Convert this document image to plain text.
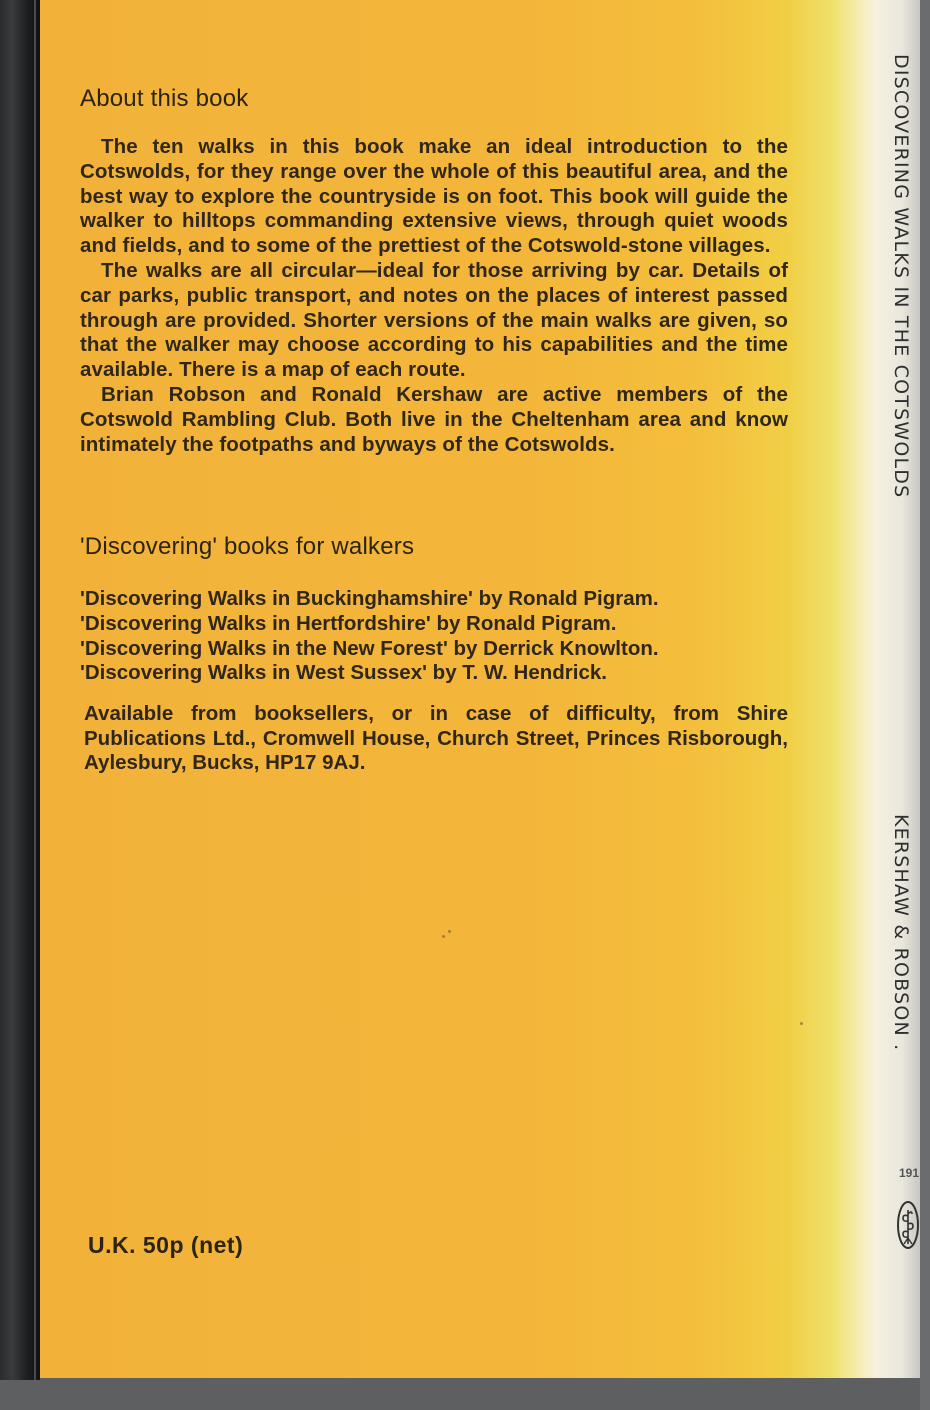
About this book

The ten walks in this book make an ideal introduction to the Cotswolds, for they range over the whole of this beautiful area, and the best way to explore the countryside is on foot. This book will guide the walker to hilltops commanding extensive views, through quiet woods and fields, and to some of the prettiest of the Cotswold-stone villages.

The walks are all circular—ideal for those arriving by car. Details of car parks, public transport, and notes on the places of interest passed through are provided. Shorter versions of the main walks are given, so that the walker may choose according to his capabilities and the time available. There is a map of each route.

Brian Robson and Ronald Kershaw are active members of the Cotswold Rambling Club. Both live in the Cheltenham area and know intimately the footpaths and byways of the Cotswolds.

'Discovering' books for walkers
'Discovering Walks in Buckinghamshire' by Ronald Pigram.
'Discovering Walks in Hertfordshire' by Ronald Pigram.
'Discovering Walks in the New Forest' by Derrick Knowlton.
'Discovering Walks in West Sussex' by T. W. Hendrick.
Available from booksellers, or in case of difficulty, from Shire Publications Ltd., Cromwell House, Church Street, Princes Risborough, Aylesbury, Bucks, HP17 9AJ.
U.K. 50p (net)
DISCOVERING WALKS IN THE COTSWOLDS
KERSHAW & ROBSON .
191
